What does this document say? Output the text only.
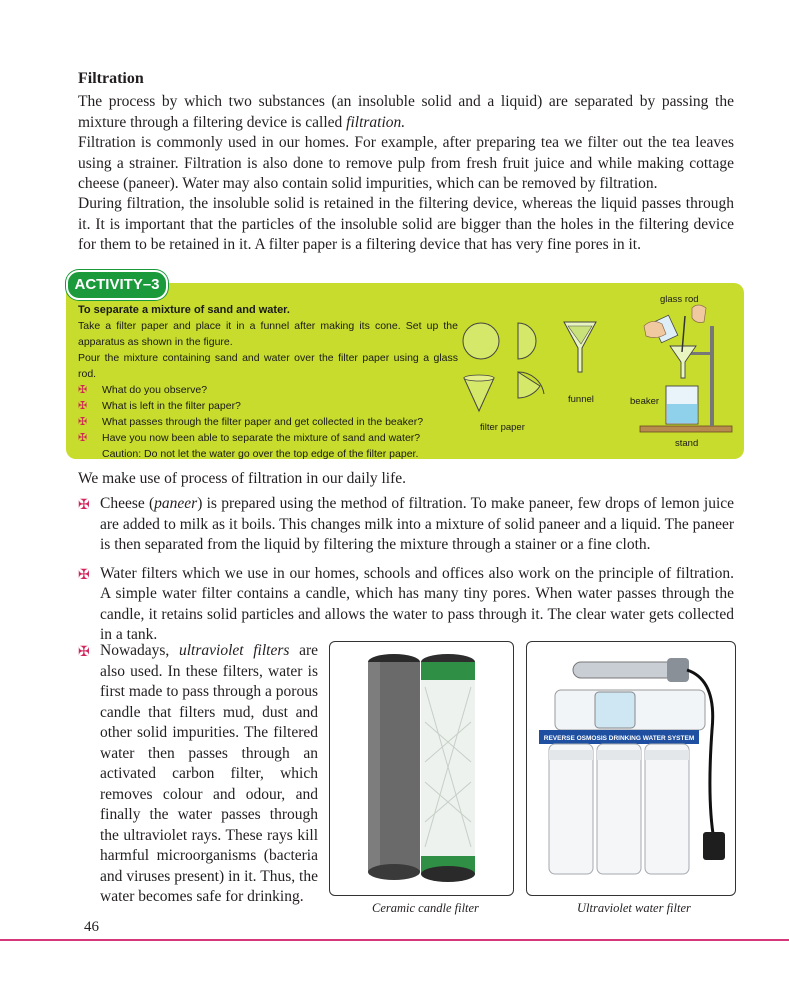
Filtration

The process by which two substances (an insoluble solid and a liquid) are separated by passing the mixture through a filtering device is called filtration.

Filtration is commonly used in our homes. For example, after preparing tea we filter out the tea leaves using a strainer. Filtration is also done to remove pulp from fresh fruit juice and while making cottage cheese (paneer). Water may also contain solid impurities, which can be removed by filtration.

During filtration, the insoluble solid is retained in the filtering device, whereas the liquid passes through it. It is important that the particles of the insoluble solid are bigger than the holes in the filtering device for them to be retained in it. A filter paper is a filtering device that has very fine pores in it.

ACTIVITY–3

To separate a mixture of sand and water.

Take a filter paper and place it in a funnel after making its cone. Set up the apparatus as shown in the figure.

Pour the mixture containing sand and water over the filter paper using a glass rod.

✠ What do you observe?
✠ What is left in the filter paper?
✠ What passes through the filter paper and get collected in the beaker?
✠ Have you now been able to separate the mixture of sand and water?
Caution: Do not let the water go over the top edge of the filter paper.
funnel
filter paper
glass rod
beaker
stand

We make use of process of filtration in our daily life.

✠ Cheese (paneer) is prepared using the method of filtration. To make paneer, few drops of lemon juice are added to milk as it boils. This changes milk into a mixture of solid paneer and a liquid. The paneer is then separated from the liquid by filtering the mixture through a stainer or a fine cloth.
✠ Water filters which we use in our homes, schools and offices also work on the principle of filtration. A simple water filter contains a candle, which has many tiny pores. When water passes through the candle, it retains solid particles and allows the water to pass through it. The clear water gets collected in a tank.
✠ Nowadays, ultraviolet filters are also used. In these filters, water is first made to pass through a porous candle that filters mud, dust and other solid impurities. The filtered water then passes through an activated carbon filter, which removes colour and odour, and finally the water passes through the ultraviolet rays. These rays kill harmful microorganisms (bacteria and viruses present) in it. Thus, the water becomes safe for drinking.
REVERSE OSMOSIS DRINKING WATER SYSTEM
Ceramic candle filter	Ultraviolet water filter
46
